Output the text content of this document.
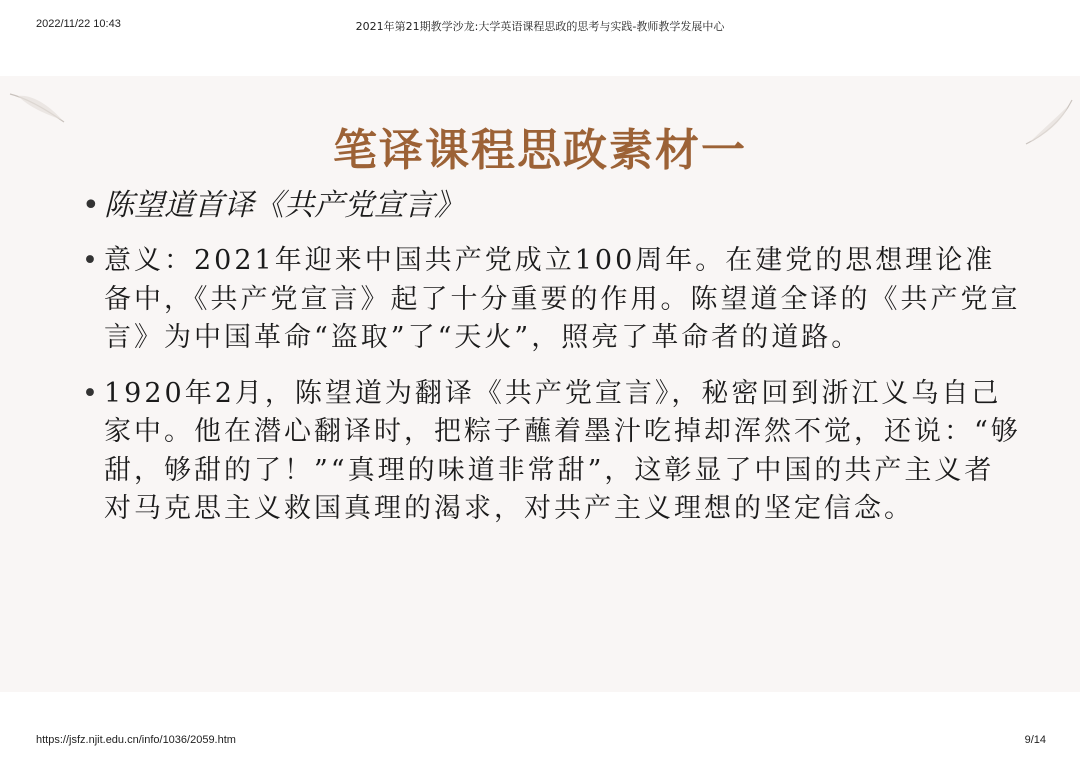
2022/11/22 10:43	2021年第21期教学沙龙:大学英语课程思政的思考与实践-教师教学发展中心
笔译课程思政素材一
• 陈望道首译《共产党宣言》
• 意义：2021年迎来中国共产党成立100周年。在建党的思想理论准备中，《共产党宣言》起了十分重要的作用。陈望道全译的《共产党宣言》为中国革命“盗取”了“天火”，照亮了革命者的道路。
• 1920年2月，陈望道为翻译《共产党宣言》，秘密回到浙江义乌自己家中。他在潜心翻译时，把粽子蘸着墨汁吃掉却浑然不觉，还说：“够甜，够甜的了！”“真理的味道非常甜”，这彰显了中国的共产主义者对马克思主义救国真理的渴求，对共产主义理想的坚定信念。
https://jsfz.njit.edu.cn/info/1036/2059.htm	9/14
